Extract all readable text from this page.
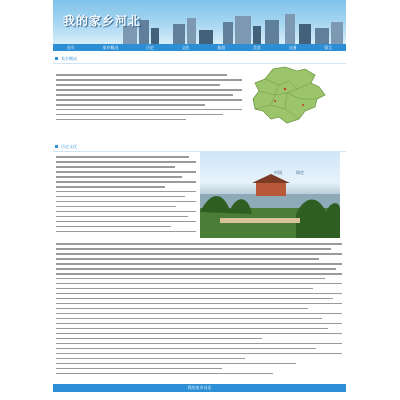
我的家乡河北
首页	家乡概况	历史	文化	旅游	美食	交通	留言
家乡概况
历史文化
中国	保定
我的家乡河北
